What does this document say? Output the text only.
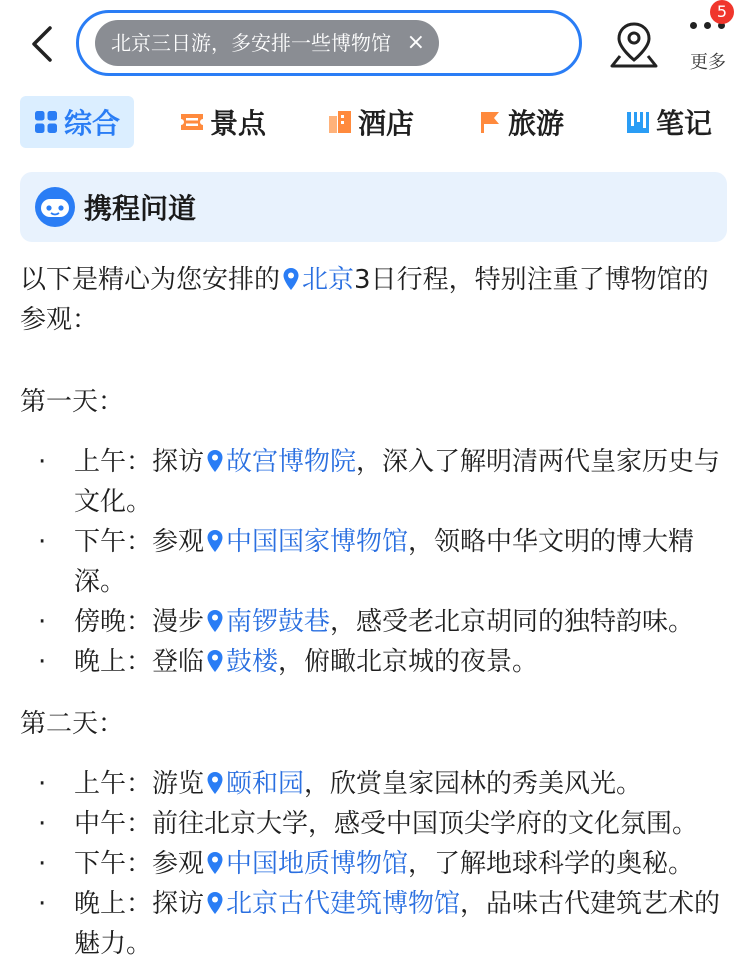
北京三日游，多安排一些博物馆 ×
5
更多
综合	景点	酒店	旅游	笔记
携程问道
以下是精心为您安排的 北京3日行程，特别注重了博物馆的参观：
第一天：
· 上午：探访 故宫博物院，深入了解明清两代皇家历史与文化。
· 下午：参观 中国国家博物馆，领略中华文明的博大精深。
· 傍晚：漫步 南锣鼓巷，感受老北京胡同的独特韵味。
· 晚上：登临 鼓楼，俯瞰北京城的夜景。
第二天：
· 上午：游览 颐和园，欣赏皇家园林的秀美风光。
· 中午：前往北京大学，感受中国顶尖学府的文化氛围。
· 下午：参观 中国地质博物馆，了解地球科学的奥秘。
· 晚上：探访 北京古代建筑博物馆，品味古代建筑艺术的魅力。
